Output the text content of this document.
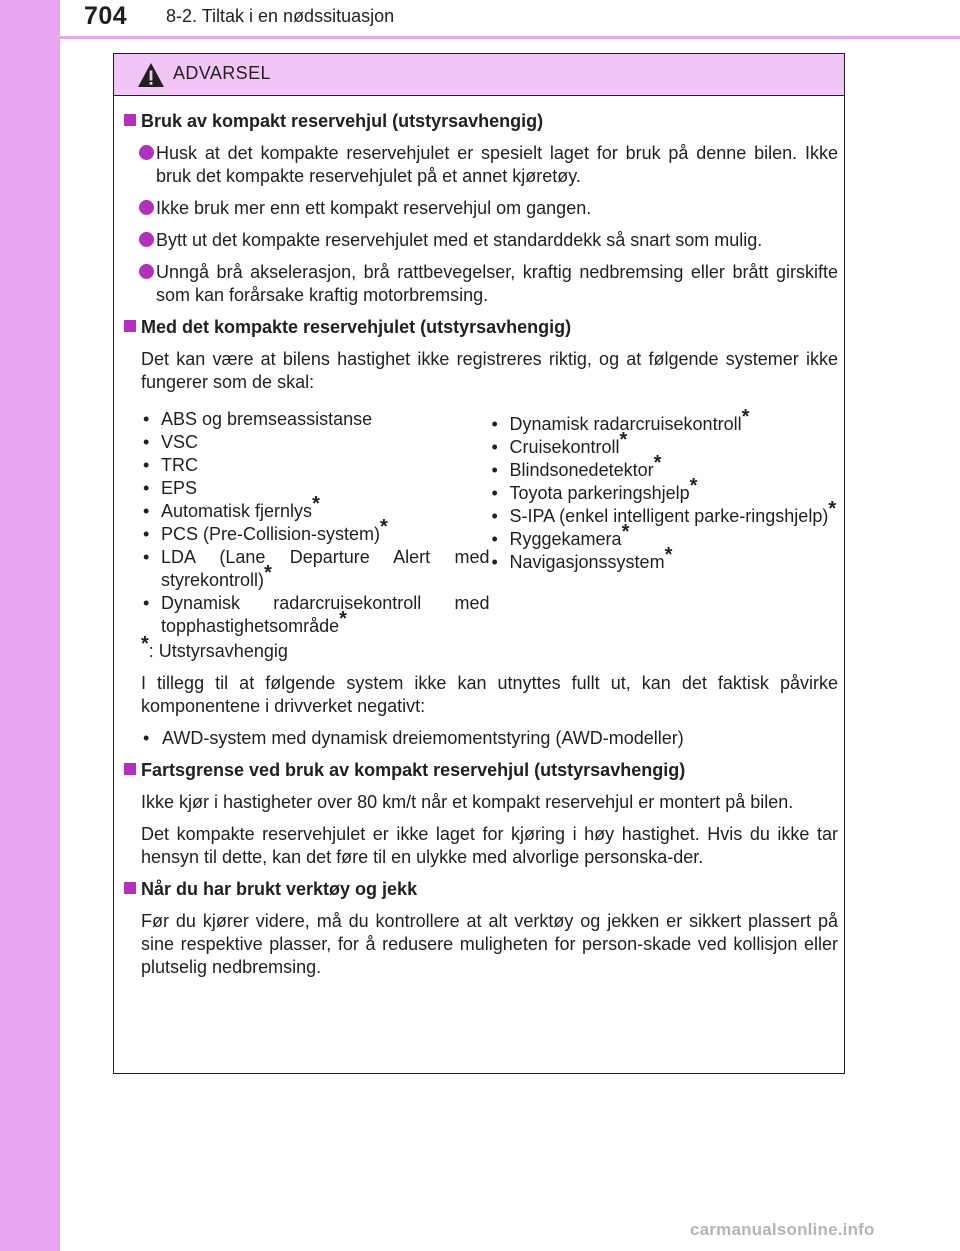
704 8-2. Tiltak i en nødssituasjon
ADVARSEL
Bruk av kompakt reservehjul (utstyrsavhengig)
Husk at det kompakte reservehjulet er spesielt laget for bruk på denne bilen. Ikke bruk det kompakte reservehjulet på et annet kjøretøy.
Ikke bruk mer enn ett kompakt reservehjul om gangen.
Bytt ut det kompakte reservehjulet med et standarddekk så snart som mulig.
Unngå brå akselerasjon, brå rattbevegelser, kraftig nedbremsing eller brått girskifte som kan forårsake kraftig motorbremsing.
Med det kompakte reservehjulet (utstyrsavhengig)
Det kan være at bilens hastighet ikke registreres riktig, og at følgende systemer ikke fungerer som de skal:
• ABS og bremseassistanse
• VSC
• TRC
• EPS
• Automatisk fjernlys*
• PCS (Pre-Collision-system)*
• LDA (Lane Departure Alert med styrekontroll)*
• Dynamisk radarcruisekontroll med topphastighetsområde*
• Dynamisk radarcruisekontroll*
• Cruisekontroll*
• Blindsonedetektor*
• Toyota parkeringshjelp*
• S-IPA (enkel intelligent parke-ringshjelp)*
• Ryggekamera*
• Navigasjonssystem*
*: Utstyrsavhengig
I tillegg til at følgende system ikke kan utnyttes fullt ut, kan det faktisk påvirke komponentene i drivverket negativt:
• AWD-system med dynamisk dreiemomentstyring (AWD-modeller)
Fartsgrense ved bruk av kompakt reservehjul (utstyrsavhengig)
Ikke kjør i hastigheter over 80 km/t når et kompakt reservehjul er montert på bilen.
Det kompakte reservehjulet er ikke laget for kjøring i høy hastighet. Hvis du ikke tar hensyn til dette, kan det føre til en ulykke med alvorlige personska-der.
Når du har brukt verktøy og jekk
Før du kjører videre, må du kontrollere at alt verktøy og jekken er sikkert plassert på sine respektive plasser, for å redusere muligheten for person-skade ved kollisjon eller plutselig nedbremsing.
carmanualsonline.info
